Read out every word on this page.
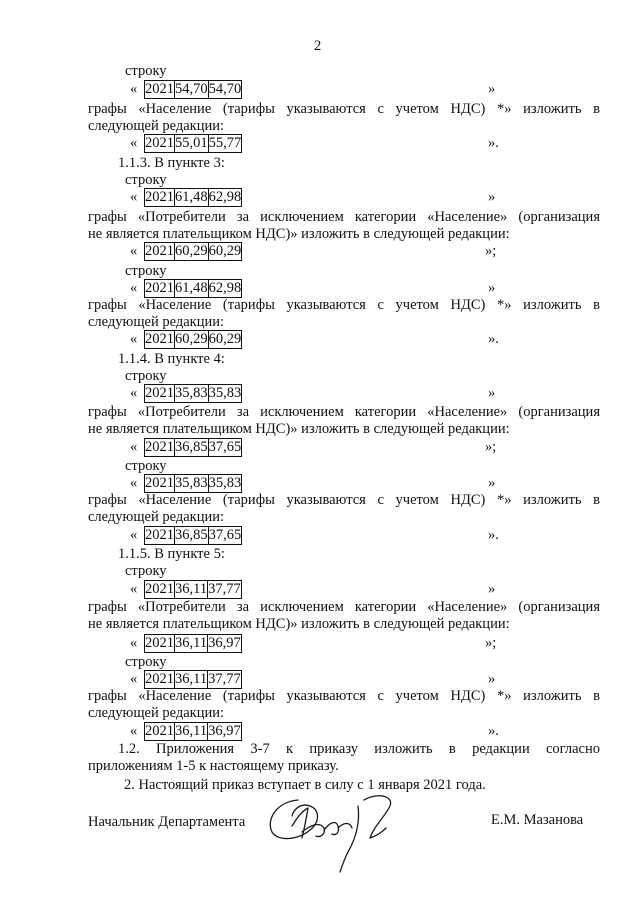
2
строку
« 2021	54,70	54,70	»
графы «Население (тарифы указываются с учетом НДС) *» изложить в
следующей редакции:
« 2021	55,01	55,77	».
1.1.3. В пункте 3:
строку
« 2021	61,48	62,98	»
графы «Потребители за исключением категории «Население» (организация
не является плательщиком НДС)» изложить в следующей редакции:
« 2021	60,29	60,29	»;
строку
« 2021	61,48	62,98	»
графы «Население (тарифы указываются с учетом НДС) *» изложить в
следующей редакции:
« 2021	60,29	60,29	».
1.1.4. В пункте 4:
строку
« 2021	35,83	35,83	»
графы «Потребители за исключением категории «Население» (организация
не является плательщиком НДС)» изложить в следующей редакции:
« 2021	36,85	37,65	»;
строку
« 2021	35,83	35,83	»
графы «Население (тарифы указываются с учетом НДС) *» изложить в
следующей редакции:
« 2021	36,85	37,65	».
1.1.5. В пункте 5:
строку
« 2021	36,11	37,77	»
графы «Потребители за исключением категории «Население» (организация
не является плательщиком НДС)» изложить в следующей редакции:
« 2021	36,11	36,97	»;
строку
« 2021	36,11	37,77	»
графы «Население (тарифы указываются с учетом НДС) *» изложить в
следующей редакции:
« 2021	36,11	36,97	».
1.2. Приложения 3-7 к приказу изложить в редакции согласно
приложениям 1-5 к настоящему приказу.
2. Настоящий приказ вступает в силу с 1 января 2021 года.
Начальник Департамента	Е.М. Мазанова
